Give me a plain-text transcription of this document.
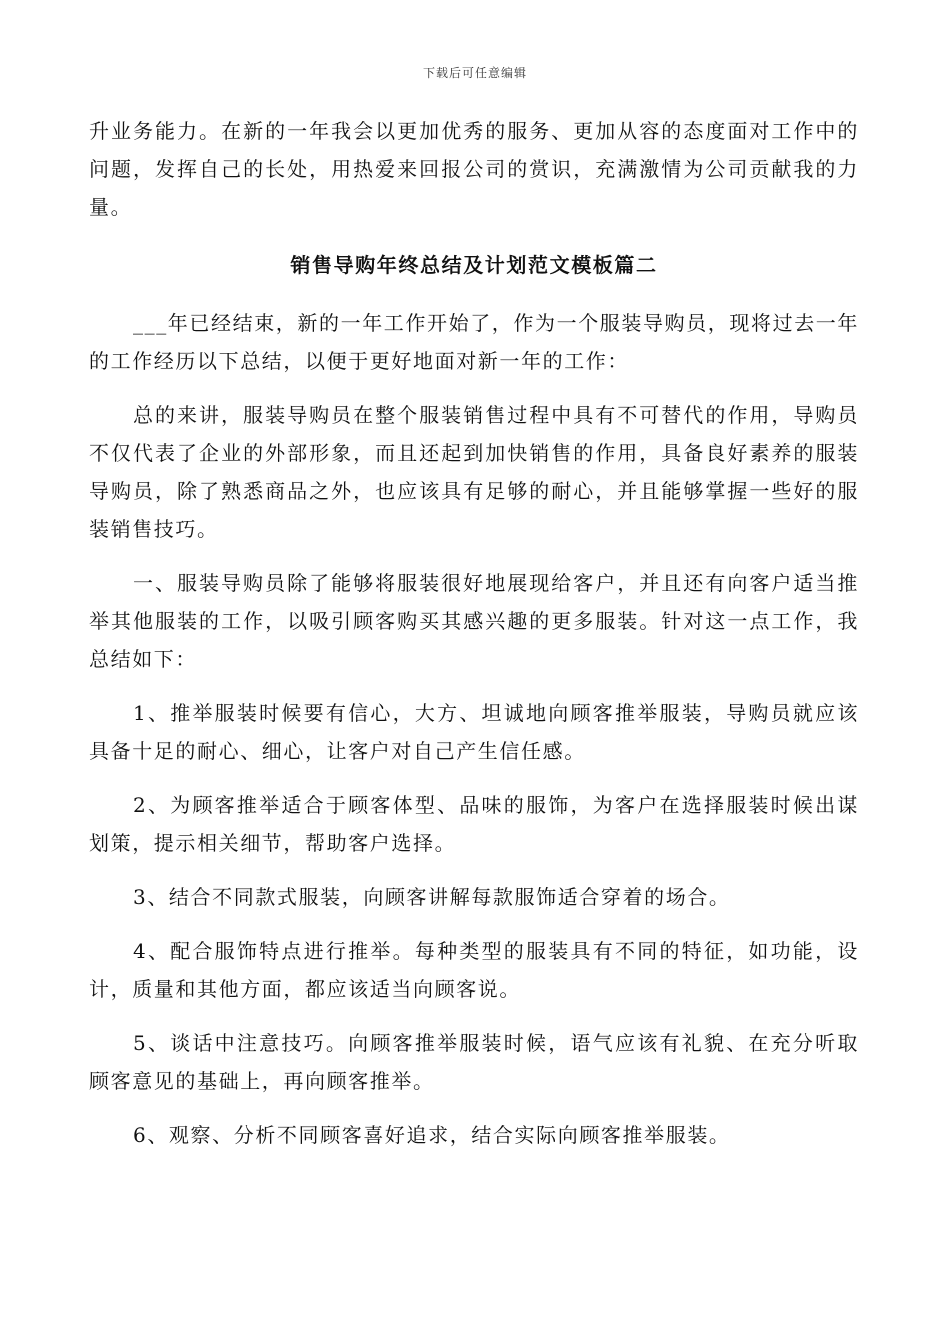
下载后可任意编辑

升业务能力。在新的一年我会以更加优秀的服务、更加从容的态度面对工作中的问题，发挥自己的长处，用热爱来回报公司的赏识，充满激情为公司贡献我的力量。

销售导购年终总结及计划范文模板篇二

___年已经结束，新的一年工作开始了，作为一个服装导购员，现将过去一年的工作经历以下总结，以便于更好地面对新一年的工作：

总的来讲，服装导购员在整个服装销售过程中具有不可替代的作用，导购员不仅代表了企业的外部形象，而且还起到加快销售的作用，具备良好素养的服装导购员，除了熟悉商品之外，也应该具有足够的耐心，并且能够掌握一些好的服装销售技巧。

一、服装导购员除了能够将服装很好地展现给客户，并且还有向客户适当推举其他服装的工作，以吸引顾客购买其感兴趣的更多服装。针对这一点工作，我总结如下：

1、推举服装时候要有信心，大方、坦诚地向顾客推举服装，导购员就应该具备十足的耐心、细心，让客户对自己产生信任感。

2、为顾客推举适合于顾客体型、品味的服饰，为客户在选择服装时候出谋划策，提示相关细节，帮助客户选择。

3、结合不同款式服装，向顾客讲解每款服饰适合穿着的场合。

4、配合服饰特点进行推举。每种类型的服装具有不同的特征，如功能，设计，质量和其他方面，都应该适当向顾客说。

5、谈话中注意技巧。向顾客推举服装时候，语气应该有礼貌、在充分听取顾客意见的基础上，再向顾客推举。

6、观察、分析不同顾客喜好追求，结合实际向顾客推举服装。
